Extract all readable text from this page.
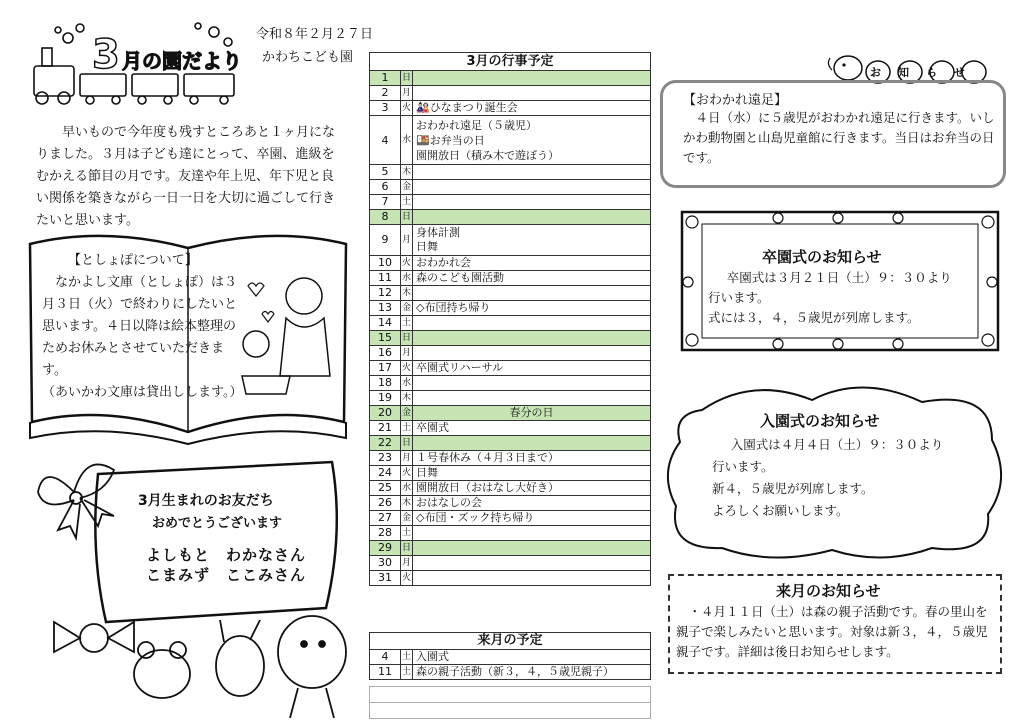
3 月の園だより
令和８年２月２７日
かわちこども園
早いもので今年度も残すところあと１ヶ月になりました。３月は子ども達にとって、卒園、進級をむかえる節目の月です。友達や年上児、年下児と良い関係を築きながら一日一日を大切に過ごして行きたいと思います。
【としょぽについて】

なかよし文庫（としょぽ）は３月３日（火）で終わりにしたいと思います。４日以降は絵本整理のためお休みとさせていただきます。

（あいかわ文庫は貸出しします。）
3月生まれのお友だち
おめでとうございます
よしもと　わかなさん
こまみず　ここみさん
3月の行事予定		
1	日	
2	月	
3	火	🎎ひなまつり誕生会

4	水	おわかれ遠足（５歳児）
🍱お弁当の日
園開放日（積み木で遊ぼう）

5	木	
6	金	
7	土	
8	日	
9	月	身体計測
日舞

10	火	おわかれ会

11	水	森のこども園活動

12	木	
13	金	◇布団持ち帰り

14	土	
15	日	
16	月	
17	火	卒園式リハーサル

18	水	
19	木	
20	金	春分の日

21	土	卒園式

22	日	
23	月	１号春休み（４月３日まで）

24	火	日舞

25	水	園開放日（おはなし大好き）

26	木	おはなしの会

27	金	◇布団・ズック持ち帰り

28	土	
29	日	
30	月	
31	火	
来月の予定		
4	土	入園式

11	土	森の親子活動（新３，４，５歳児親子）

お知らせ
【おわかれ遠足】
４日（水）に５歳児がおわかれ遠足に行きます。いしかわ動物園と山島児童館に行きます。当日はお弁当の日です。
卒園式のお知らせ
卒園式は３月２１日（土）９：３０より
行います。
式には３，４，５歳児が列席します。
入園式のお知らせ
入園式は４月４日（土）９：３０より
行います。
新４，５歳児が列席します。
よろしくお願いします。
来月のお知らせ
・４月１１日（土）は森の親子活動です。春の里山を親子で楽しみたいと思います。対象は新３，４，５歳児親子です。詳細は後日お知らせします。
